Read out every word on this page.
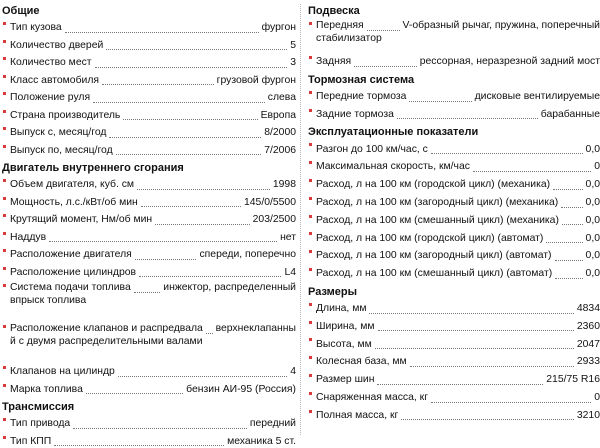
Общие
Тип кузова	фургон
Количество дверей	5
Количество мест	3
Класс автомобиля	грузовой фургон
Положение руля	слева
Страна производитель	Европа
Выпуск с, месяц/год	8/2000
Выпуск по, месяц/год	7/2006
Двигатель внутреннего сгорания
Объем двигателя, куб. см	1998
Мощность, л.с./кВт/об мин	145/0/5500
Крутящий момент, Нм/об мин	203/2500
Наддув	нет
Расположение двигателя	спереди, поперечно
Расположение цилиндров	L4
Система подачи топлива	инжектор, распределенный
впрыск топлива
Расположение клапанов и распредвала верхнеклапанны
й с двумя распределительными валами
Клапанов на цилиндр	4
Марка топлива	бензин АИ-95 (Россия)
Трансмиссия
Тип привода	передний
Тип КПП	механика 5 ст.
Подвеска
Передняя	V-образный рычаг, пружина, поперечный
стабилизатор
Задняя	рессорная, неразрезной задний мост
Тормозная система
Передние тормоза	дисковые вентилируемые
Задние тормоза	барабанные
Эксплуатационные показатели
Разгон до 100 км/час, с	0,0
Максимальная скорость, км/час	0
Расход, л на 100 км (городской цикл) (механика)	0,0
Расход, л на 100 км (загородный цикл) (механика)	0,0
Расход, л на 100 км (смешанный цикл) (механика)	0,0
Расход, л на 100 км (городской цикл) (автомат)	0,0
Расход, л на 100 км (загородный цикл) (автомат)	0,0
Расход, л на 100 км (смешанный цикл) (автомат)	0,0
Размеры
Длина, мм	4834
Ширина, мм	2360
Высота, мм	2047
Колесная база, мм	2933
Размер шин	215/75 R16
Снаряженная масса, кг	0
Полная масса, кг	3210
